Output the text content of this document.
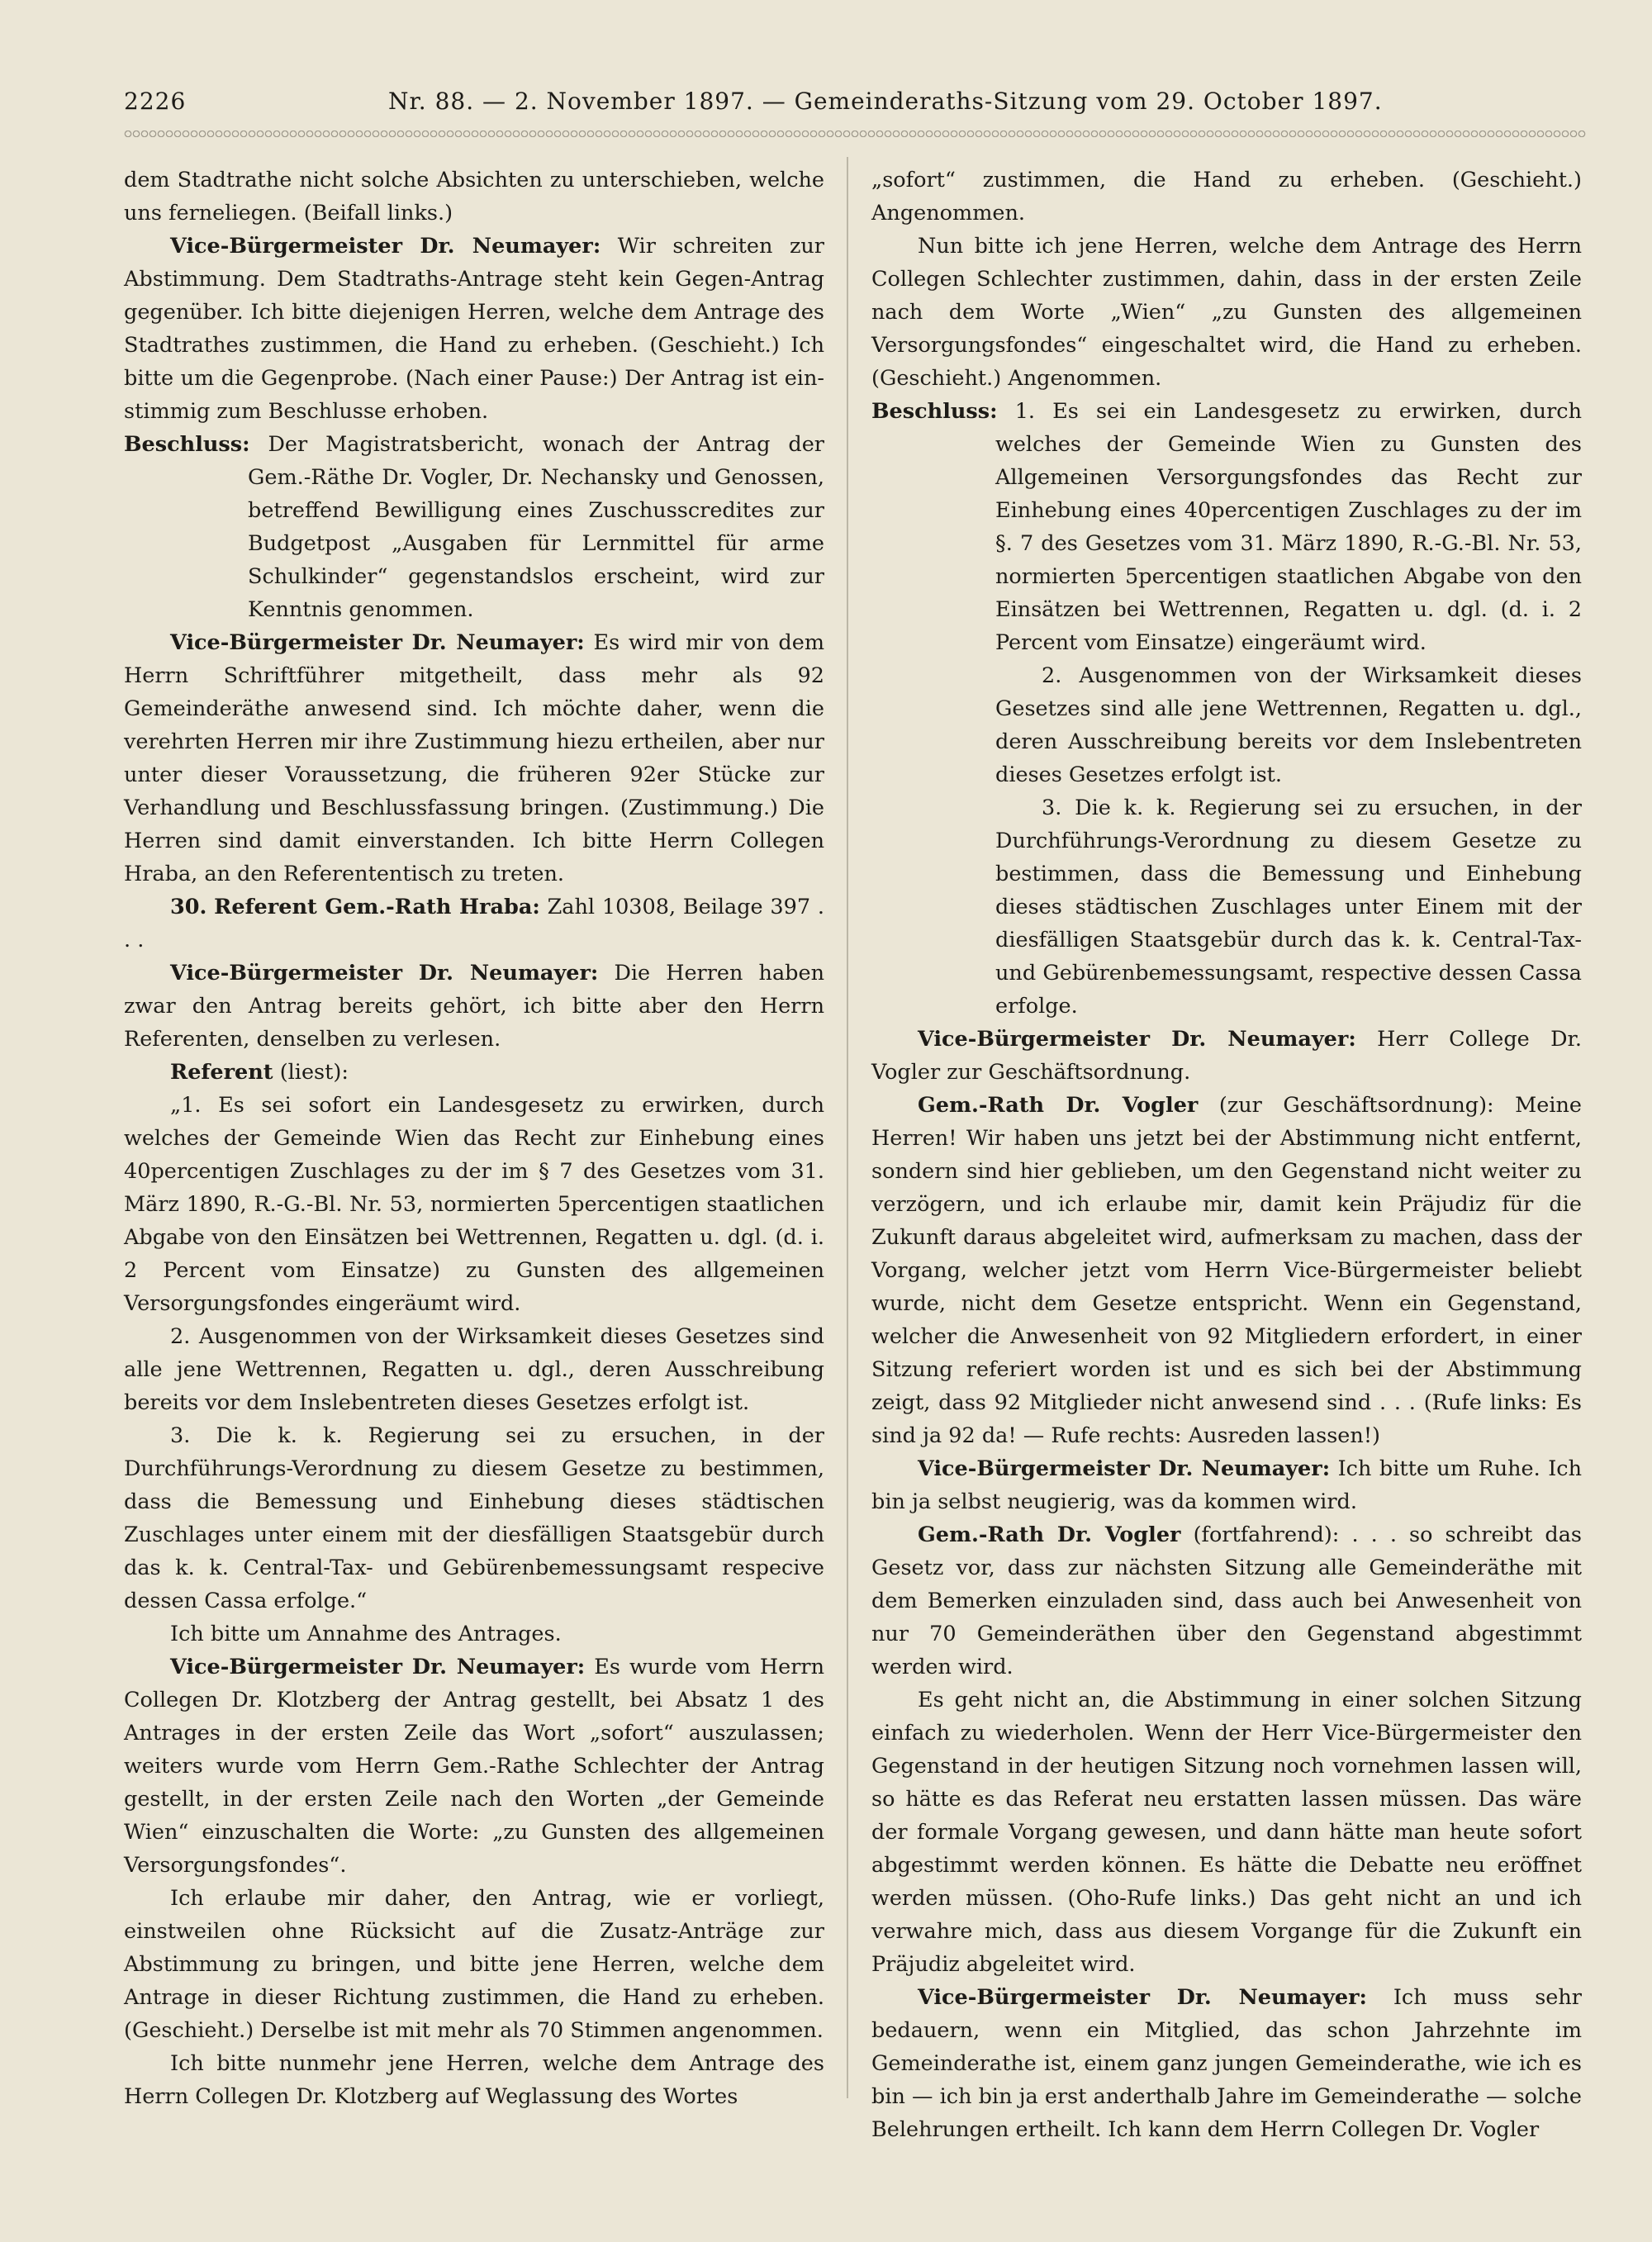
2226	Nr. 88. — 2. November 1897. — Gemeinderaths-Sitzung vom 29. October 1897.

dem Stadtrathe nicht solche Absichten zu unterschieben, welche uns ferneliegen. (Beifall links.)

Vice-Bürgermeister Dr. Neumayer: Wir schreiten zur Abstimmung. Dem Stadtraths-Antrage steht kein Gegen-Antrag gegenüber. Ich bitte diejenigen Herren, welche dem Antrage des Stadtrathes zustimmen, die Hand zu erheben. (Geschieht.) Ich bitte um die Gegenprobe. (Nach einer Pause:) Der Antrag ist ein-stimmig zum Beschlusse erhoben.

Beschluss: Der Magistratsbericht, wonach der Antrag der Gem.-Räthe Dr. Vogler, Dr. Nechansky und Genossen, betreffend Bewilligung eines Zuschusscredites zur Budgetpost „Ausgaben für Lernmittel für arme Schulkinder“ gegenstandslos erscheint, wird zur Kenntnis genommen.

Vice-Bürgermeister Dr. Neumayer: Es wird mir von dem Herrn Schriftführer mitgetheilt, dass mehr als 92 Gemeinderäthe anwesend sind. Ich möchte daher, wenn die verehrten Herren mir ihre Zustimmung hiezu ertheilen, aber nur unter dieser Voraussetzung, die früheren 92er Stücke zur Verhandlung und Beschlussfassung bringen. (Zustimmung.) Die Herren sind damit einverstanden. Ich bitte Herrn Collegen Hraba, an den Referententisch zu treten.

30. Referent Gem.-Rath Hraba: Zahl 10308, Beilage 397 . . .

Vice-Bürgermeister Dr. Neumayer: Die Herren haben zwar den Antrag bereits gehört, ich bitte aber den Herrn Referenten, denselben zu verlesen.

Referent (liest):

„1. Es sei sofort ein Landesgesetz zu erwirken, durch welches der Gemeinde Wien das Recht zur Einhebung eines 40percentigen Zuschlages zu der im § 7 des Gesetzes vom 31. März 1890, R.-G.-Bl. Nr. 53, normierten 5percentigen staatlichen Abgabe von den Einsätzen bei Wettrennen, Regatten u. dgl. (d. i. 2 Percent vom Einsatze) zu Gunsten des allgemeinen Versorgungsfondes eingeräumt wird.

2. Ausgenommen von der Wirksamkeit dieses Gesetzes sind alle jene Wettrennen, Regatten u. dgl., deren Ausschreibung bereits vor dem Inslebentreten dieses Gesetzes erfolgt ist.

3. Die k. k. Regierung sei zu ersuchen, in der Durchführungs-Verordnung zu diesem Gesetze zu bestimmen, dass die Bemessung und Einhebung dieses städtischen Zuschlages unter einem mit der diesfälligen Staatsgebür durch das k. k. Central-Tax- und Gebürenbemessungsamt respecive dessen Cassa erfolge.“

Ich bitte um Annahme des Antrages.

Vice-Bürgermeister Dr. Neumayer: Es wurde vom Herrn Collegen Dr. Klotzberg der Antrag gestellt, bei Absatz 1 des Antrages in der ersten Zeile das Wort „sofort“ auszulassen; weiters wurde vom Herrn Gem.-Rathe Schlechter der Antrag gestellt, in der ersten Zeile nach den Worten „der Gemeinde Wien“ einzuschalten die Worte: „zu Gunsten des allgemeinen Versorgungsfondes“.

Ich erlaube mir daher, den Antrag, wie er vorliegt, einstweilen ohne Rücksicht auf die Zusatz-Anträge zur Abstimmung zu bringen, und bitte jene Herren, welche dem Antrage in dieser Richtung zustimmen, die Hand zu erheben. (Geschieht.) Derselbe ist mit mehr als 70 Stimmen angenommen.

Ich bitte nunmehr jene Herren, welche dem Antrage des Herrn Collegen Dr. Klotzberg auf Weglassung des Wortes

„sofort“ zustimmen, die Hand zu erheben. (Geschieht.) Angenommen.

Nun bitte ich jene Herren, welche dem Antrage des Herrn Collegen Schlechter zustimmen, dahin, dass in der ersten Zeile nach dem Worte „Wien“ „zu Gunsten des allgemeinen Versorgungsfondes“ eingeschaltet wird, die Hand zu erheben. (Geschieht.) Angenommen.

Beschluss: 1. Es sei ein Landesgesetz zu erwirken, durch welches der Gemeinde Wien zu Gunsten des Allgemeinen Versorgungsfondes das Recht zur Einhebung eines 40percentigen Zuschlages zu der im §. 7 des Gesetzes vom 31. März 1890, R.-G.-Bl. Nr. 53, normierten 5percentigen staatlichen Abgabe von den Einsätzen bei Wettrennen, Regatten u. dgl. (d. i. 2 Percent vom Einsatze) eingeräumt wird.

2. Ausgenommen von der Wirksamkeit dieses Gesetzes sind alle jene Wettrennen, Regatten u. dgl., deren Ausschreibung bereits vor dem Inslebentreten dieses Gesetzes erfolgt ist.

3. Die k. k. Regierung sei zu ersuchen, in der Durchführungs-Verordnung zu diesem Gesetze zu bestimmen, dass die Bemessung und Einhebung dieses städtischen Zuschlages unter Einem mit der diesfälligen Staatsgebür durch das k. k. Central-Tax- und Gebürenbemessungsamt, respective dessen Cassa erfolge.

Vice-Bürgermeister Dr. Neumayer: Herr College Dr. Vogler zur Geschäftsordnung.

Gem.-Rath Dr. Vogler (zur Geschäftsordnung): Meine Herren! Wir haben uns jetzt bei der Abstimmung nicht entfernt, sondern sind hier geblieben, um den Gegenstand nicht weiter zu verzögern, und ich erlaube mir, damit kein Präjudiz für die Zukunft daraus abgeleitet wird, aufmerksam zu machen, dass der Vorgang, welcher jetzt vom Herrn Vice-Bürgermeister beliebt wurde, nicht dem Gesetze entspricht. Wenn ein Gegenstand, welcher die Anwesenheit von 92 Mitgliedern erfordert, in einer Sitzung referiert worden ist und es sich bei der Abstimmung zeigt, dass 92 Mitglieder nicht anwesend sind . . . (Rufe links: Es sind ja 92 da! — Rufe rechts: Ausreden lassen!)

Vice-Bürgermeister Dr. Neumayer: Ich bitte um Ruhe. Ich bin ja selbst neugierig, was da kommen wird.

Gem.-Rath Dr. Vogler (fortfahrend): . . . so schreibt das Gesetz vor, dass zur nächsten Sitzung alle Gemeinderäthe mit dem Bemerken einzuladen sind, dass auch bei Anwesenheit von nur 70 Gemeinderäthen über den Gegenstand abgestimmt werden wird.

Es geht nicht an, die Abstimmung in einer solchen Sitzung einfach zu wiederholen. Wenn der Herr Vice-Bürgermeister den Gegenstand in der heutigen Sitzung noch vornehmen lassen will, so hätte es das Referat neu erstatten lassen müssen. Das wäre der formale Vorgang gewesen, und dann hätte man heute sofort abgestimmt werden können. Es hätte die Debatte neu eröffnet werden müssen. (Oho-Rufe links.) Das geht nicht an und ich verwahre mich, dass aus diesem Vorgange für die Zukunft ein Präjudiz abgeleitet wird.

Vice-Bürgermeister Dr. Neumayer: Ich muss sehr bedauern, wenn ein Mitglied, das schon Jahrzehnte im Gemeinderathe ist, einem ganz jungen Gemeinderathe, wie ich es bin — ich bin ja erst anderthalb Jahre im Gemeinderathe — solche Belehrungen ertheilt. Ich kann dem Herrn Collegen Dr. Vogler
